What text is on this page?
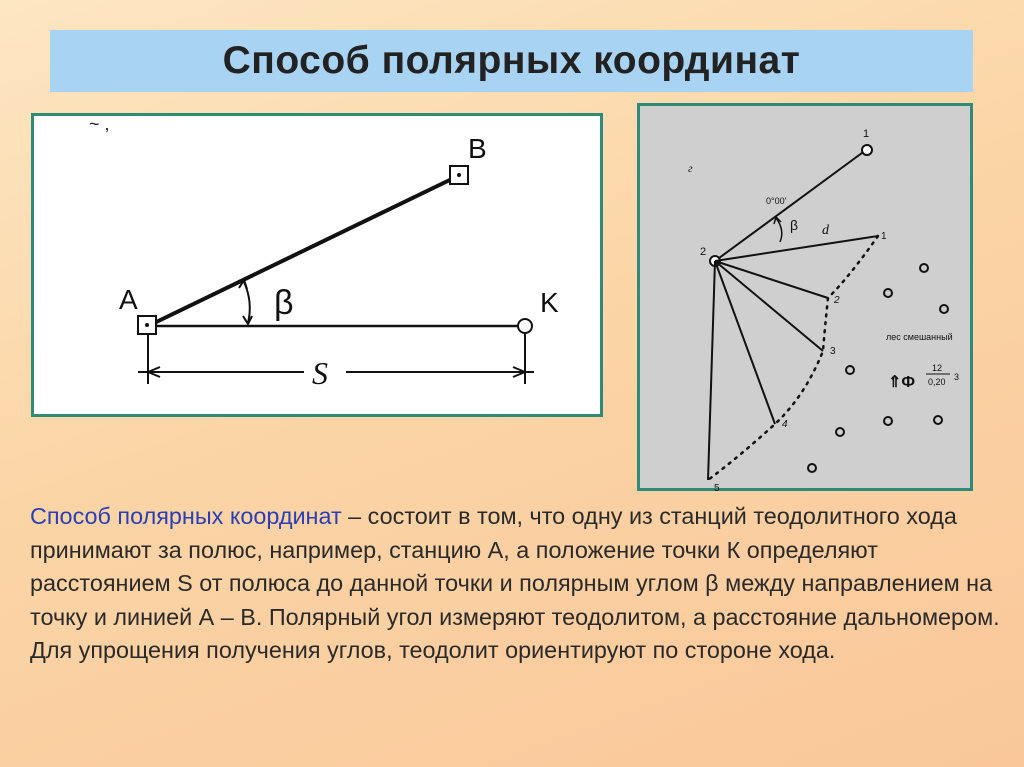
Способ полярных координат
~ ,
A
B
K
β
S
г
1
0°00'
2
β d	1
2
3
4
5
лес смешанный
⇑Ф
12
0,20 3
Способ полярных координат – состоит в том, что одну из станций теодолитного хода принимают за полюс, например, станцию А, а положение точки К определяют расстоянием S от полюса до данной точки и полярным углом β между направлением на точку и линией А – В. Полярный угол измеряют теодолитом, а расстояние дальномером. Для упрощения получения углов, теодолит ориентируют по стороне хода.
